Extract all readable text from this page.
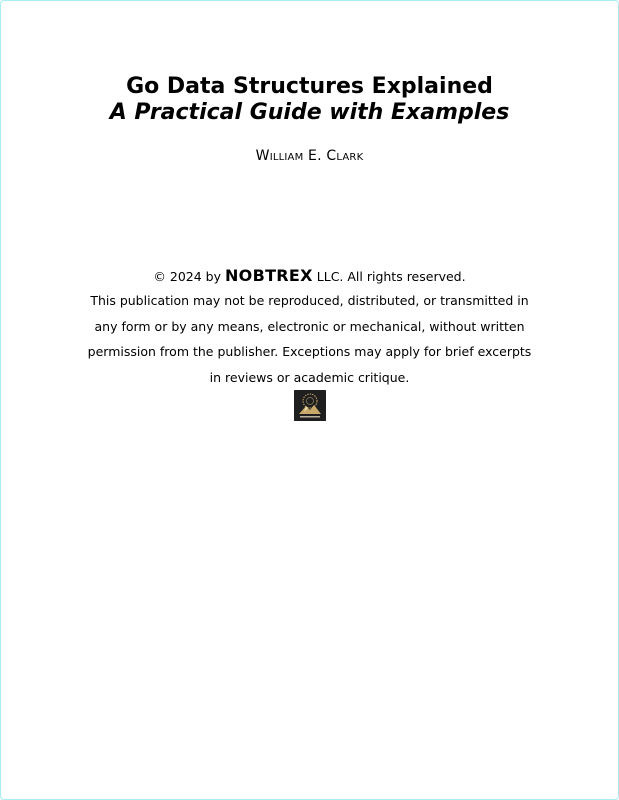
Go Data Structures Explained
A Practical Guide with Examples
William E. Clark
© 2024 by NOBTREX LLC. All rights reserved.
This publication may not be reproduced, distributed, or transmitted in any form or by any means, electronic or mechanical, without written permission from the publisher. Exceptions may apply for brief excerpts in reviews or academic critique.
